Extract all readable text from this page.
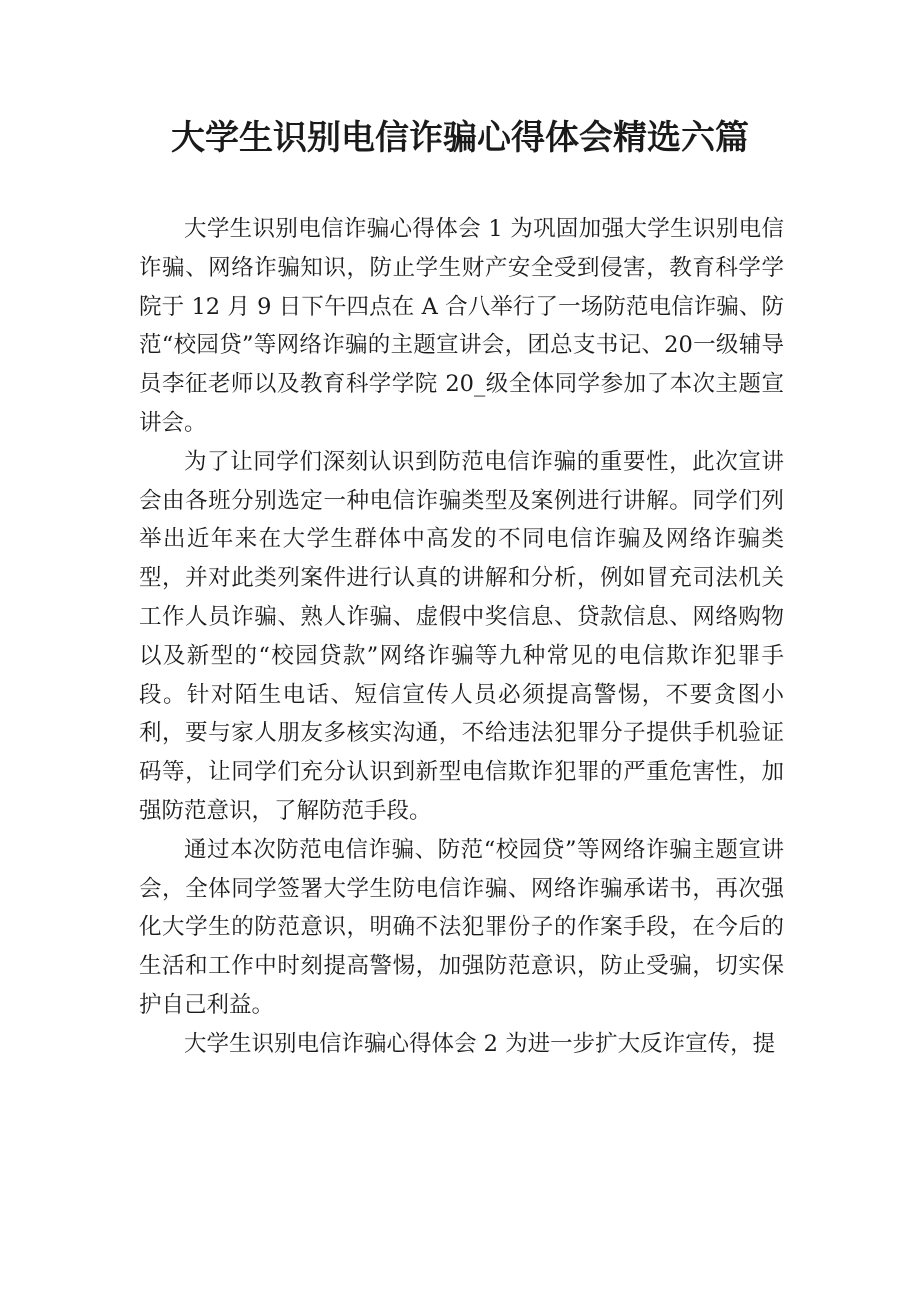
大学生识别电信诈骗心得体会精选六篇

大学生识别电信诈骗心得体会 1 为巩固加强大学生识别电信诈骗、网络诈骗知识，防止学生财产安全受到侵害，教育科学学院于 12 月 9 日下午四点在 A 合八举行了一场防范电信诈骗、防范“校园贷”等网络诈骗的主题宣讲会，团总支书记、20一级辅导员李征老师以及教育科学学院 20_级全体同学参加了本次主题宣讲会。

为了让同学们深刻认识到防范电信诈骗的重要性，此次宣讲会由各班分别选定一种电信诈骗类型及案例进行讲解。同学们列举出近年来在大学生群体中高发的不同电信诈骗及网络诈骗类型，并对此类列案件进行认真的讲解和分析，例如冒充司法机关工作人员诈骗、熟人诈骗、虚假中奖信息、贷款信息、网络购物以及新型的“校园贷款”网络诈骗等九种常见的电信欺诈犯罪手段。针对陌生电话、短信宣传人员必须提高警惕，不要贪图小利，要与家人朋友多核实沟通，不给违法犯罪分子提供手机验证码等，让同学们充分认识到新型电信欺诈犯罪的严重危害性，加强防范意识，了解防范手段。

通过本次防范电信诈骗、防范“校园贷”等网络诈骗主题宣讲会，全体同学签署大学生防电信诈骗、网络诈骗承诺书，再次强化大学生的防范意识，明确不法犯罪份子的作案手段，在今后的生活和工作中时刻提高警惕，加强防范意识，防止受骗，切实保护自己利益。

大学生识别电信诈骗心得体会 2 为进一步扩大反诈宣传，提
